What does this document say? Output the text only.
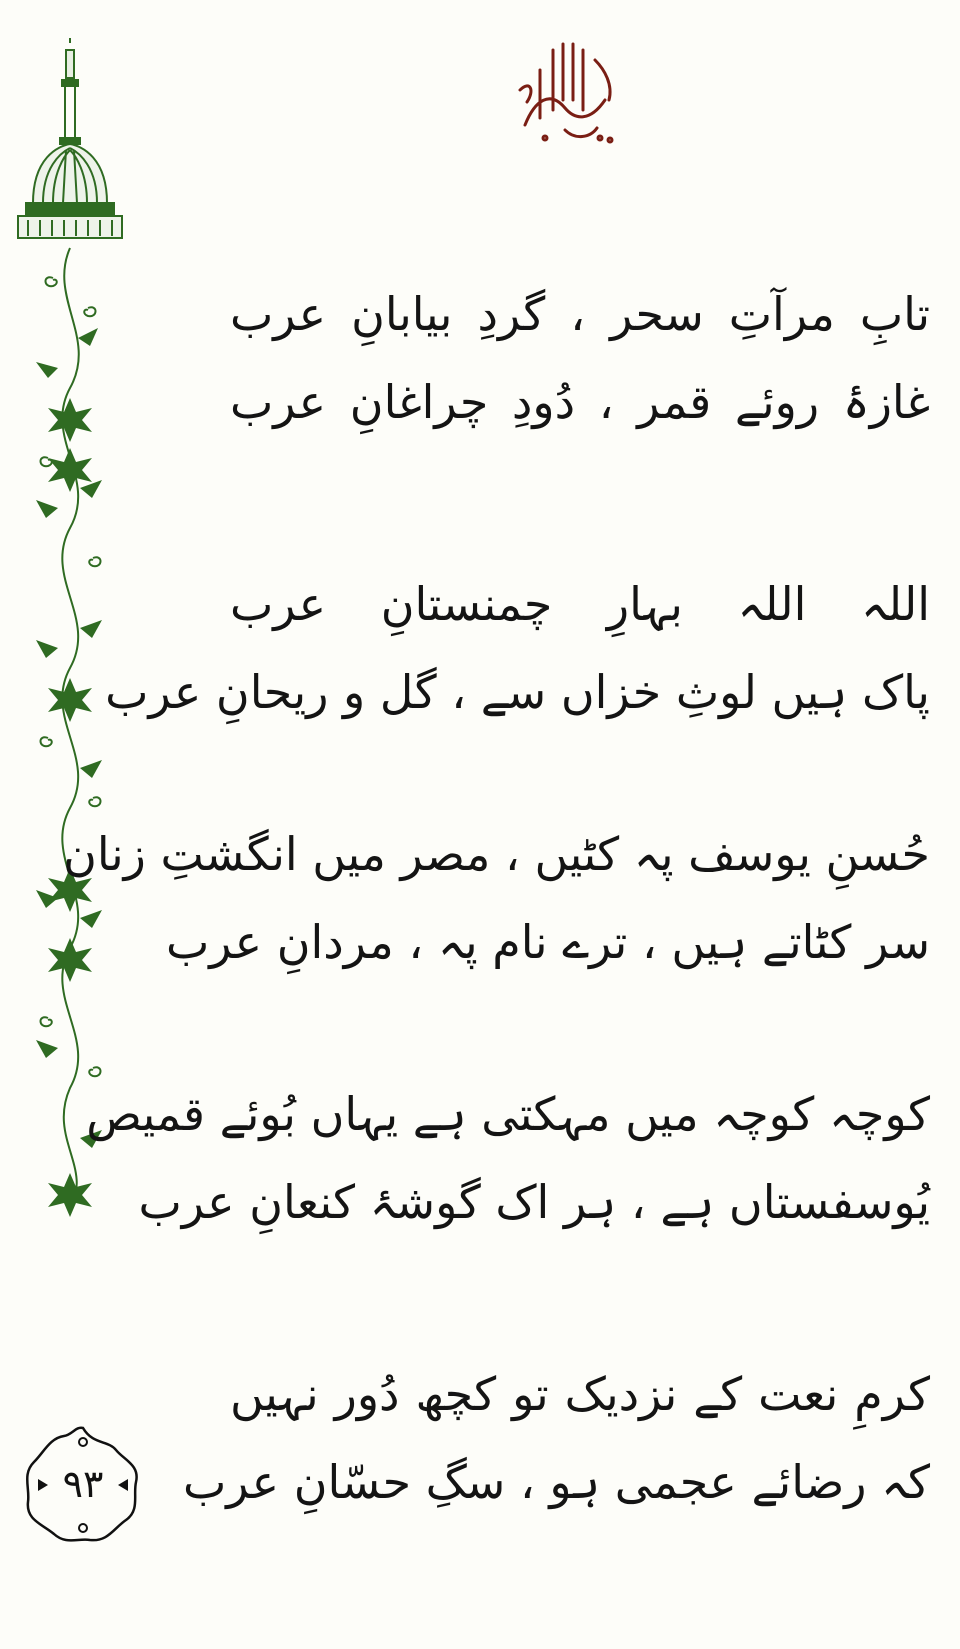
۹۳
تابِ مرآتِ سحر ، گردِ بیابانِ عرب
غازۂ روئے قمر ، دُودِ چراغانِ عرب
اللہ اللہ بہارِ چمنستانِ عرب
پاک ہیں لوثِ خزاں سے ، گل و ریحانِ عرب
حُسنِ یوسف پہ کٹیں ، مصر میں انگشتِ زنان
سر کٹاتے ہیں ، ترے نام پہ ، مردانِ عرب
کوچہ کوچہ میں مہکتی ہے یہاں بُوئے قمیص
یُوسفستاں ہے ، ہر اک گوشۂ کنعانِ عرب
کرمِ نعت کے نزدیک تو کچھ دُور نہیں
کہ رضائے عجمی ہو ، سگِ حسّانِ عرب
